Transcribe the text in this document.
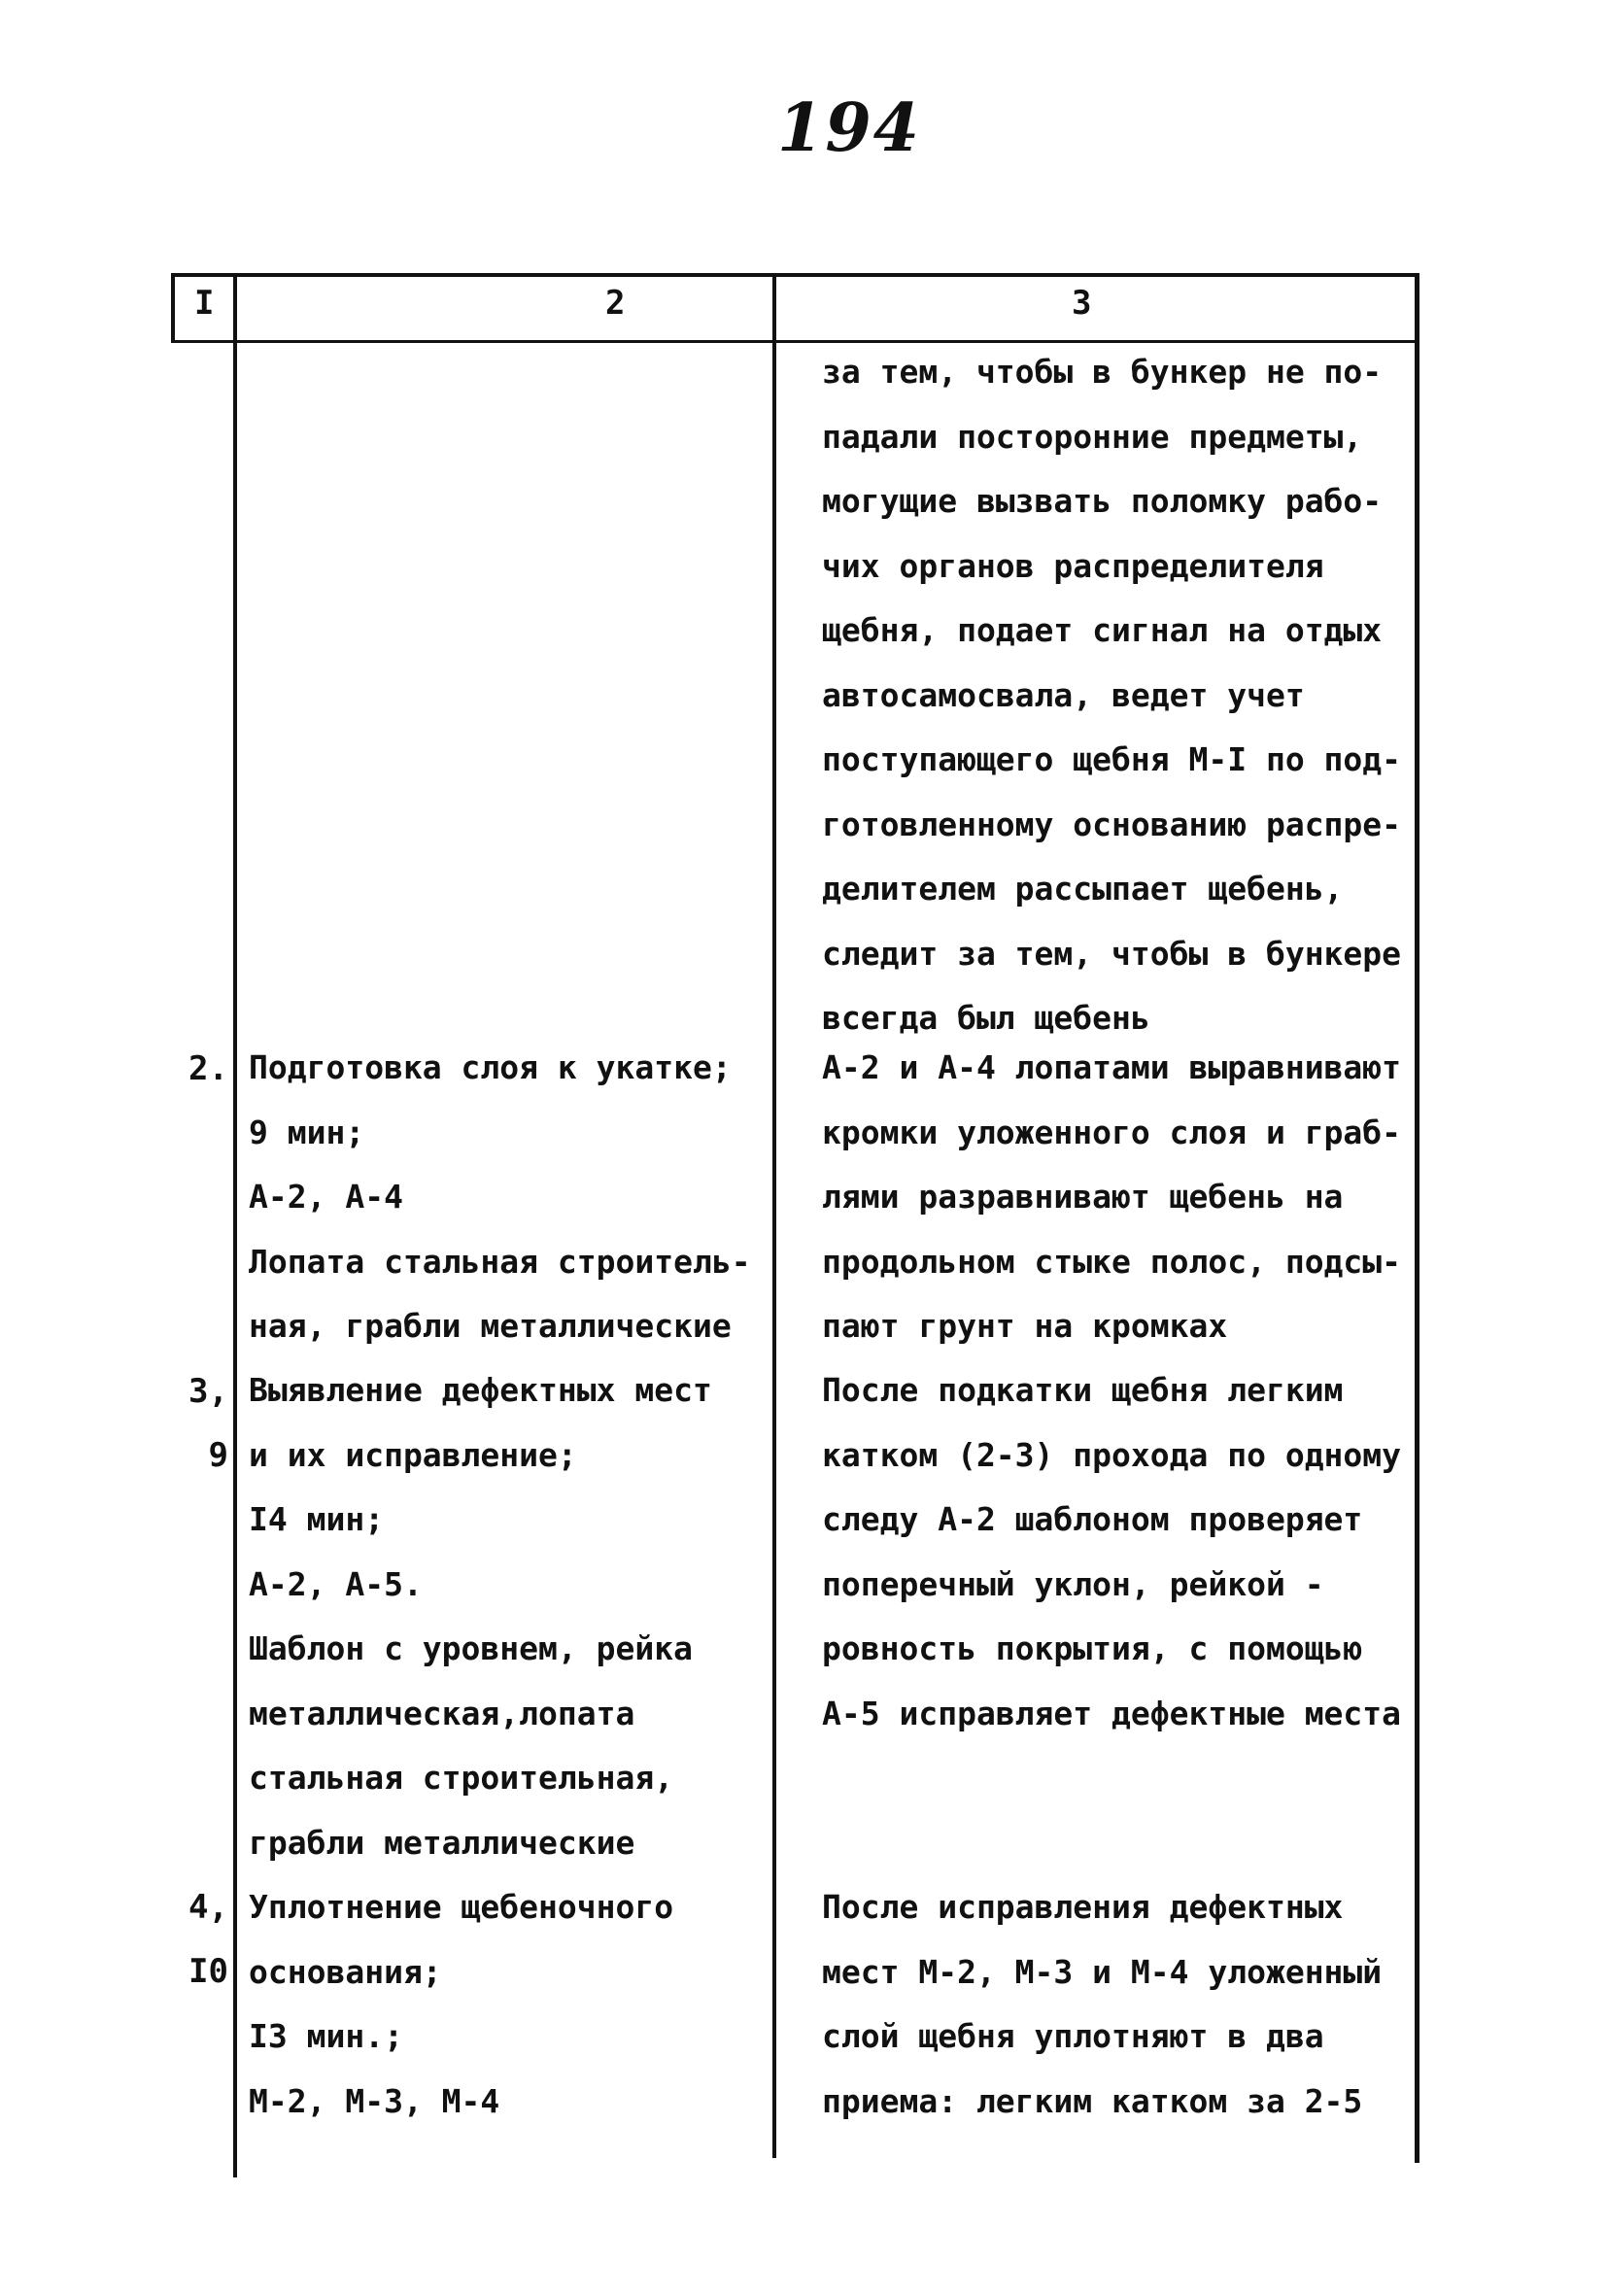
194
I	2	3
за тем, чтобы в бункер не по-
падали посторонние предметы,
могущие вызвать поломку рабо-
чих органов распределителя
щебня, подает сигнал на отдых
автосамосвала, ведет учет
поступающего щебня М-I по под-
готовленному основанию распре-
делителем рассыпает щебень,
следит за тем, чтобы в бункере
всегда был щебень
2. Подготовка слоя к укатке;
9 мин;
А-2, А-4
Лопата стальная строитель-
ная, грабли металлические
А-2 и А-4 лопатами выравнивают
кромки уложенного слоя и граб-
лями разравнивают щебень на
продольном стыке полос, подсы-
пают грунт на кромках
3,
9
Выявление дефектных мест
и их исправление;
I4 мин;
А-2, А-5.
Шаблон с уровнем, рейка
металлическая,лопата
стальная строительная,
грабли металлические
После подкатки щебня легким
катком (2-3) прохода по одному
следу А-2 шаблоном проверяет
поперечный уклон, рейкой -
ровность покрытия, с помощью
А-5 исправляет дефектные места
4,
I0
Уплотнение щебеночного
основания;
I3 мин.;
М-2, М-3, М-4
После исправления дефектных
мест М-2, М-3 и М-4 уложенный
слой щебня уплотняют в два
приема: легким катком за 2-5
